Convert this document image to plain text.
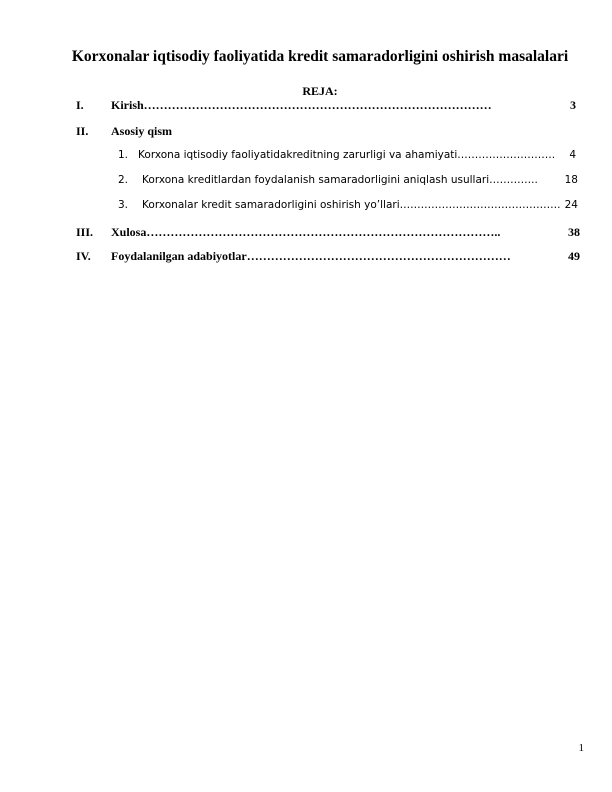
Korxonalar iqtisodiy faoliyatida kredit samaradorligini oshirish masalalari
REJA:
I. Kirish ……………………………………………………………………………	3
II. Asosiy qism
1. Korxona iqtisodiy faoliyatidakreditning zarurligi va ahamiyati ……………………….	4
2. Korxona kreditlardan foydalanish samaradorligini aniqlash usullari …………..	18
3. Korxonalar kredit samaradorligini oshirish yo’llari ………………………………………. 24
III. Xulosa ……………………………………………………………………………..	38
IV. Foydalanilgan adabiyotlar …………………………………………………………	49
1
